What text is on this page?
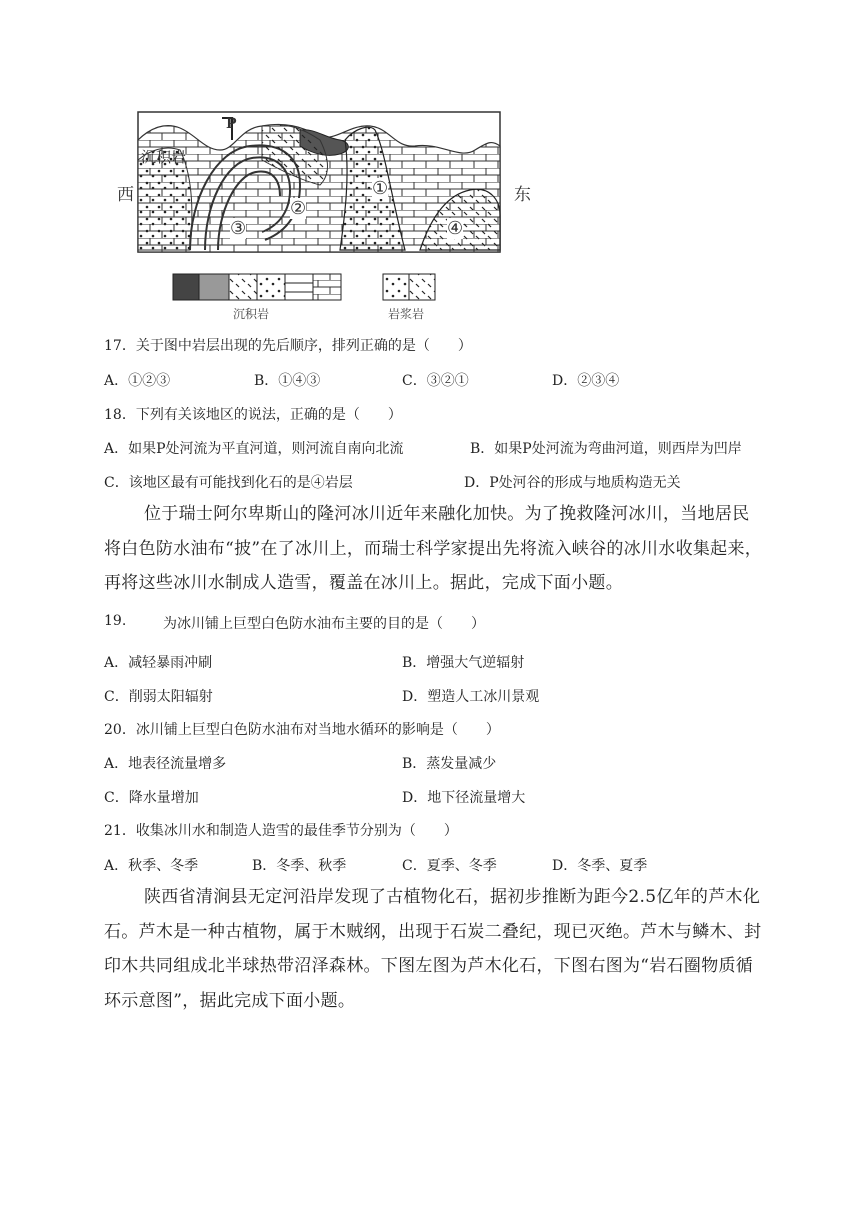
P
沉积岩
西	东
①
②
③	④
沉积岩	岩浆岩
17．关于图中岩层出现的先后顺序，排列正确的是（　　）
A．①②③	B．①④③	C．③②①	D．②③④
18．下列有关该地区的说法，正确的是（　　）
A．如果P处河流为平直河道，则河流自南向北流	B．如果P处河流为弯曲河道，则西岸为凹岸
C．该地区最有可能找到化石的是④岩层	D．P处河谷的形成与地质构造无关
位于瑞士阿尔卑斯山的隆河冰川近年来融化加快。为了挽救隆河冰川，当地居民将白色防水油布“披”在了冰川上，而瑞士科学家提出先将流入峡谷的冰川水收集起来，再将这些冰川水制成人造雪，覆盖在冰川上。据此，完成下面小题。
19.	为冰川铺上巨型白色防水油布主要的目的是（　　）
A．减轻暴雨冲刷	B．增强大气逆辐射
C．削弱太阳辐射	D．塑造人工冰川景观
20．冰川铺上巨型白色防水油布对当地水循环的影响是（　　）
A．地表径流量增多	B．蒸发量减少
C．降水量增加	D．地下径流量增大
21．收集冰川水和制造人造雪的最佳季节分别为（　　）
A．秋季、冬季	B．冬季、秋季	C．夏季、冬季	D．冬季、夏季
陕西省清涧县无定河沿岸发现了古植物化石，据初步推断为距今2.5亿年的芦木化石。芦木是一种古植物，属于木贼纲，出现于石炭二叠纪，现已灭绝。芦木与鳞木、封印木共同组成北半球热带沼泽森林。下图左图为芦木化石，下图右图为“岩石圈物质循环示意图”，据此完成下面小题。
